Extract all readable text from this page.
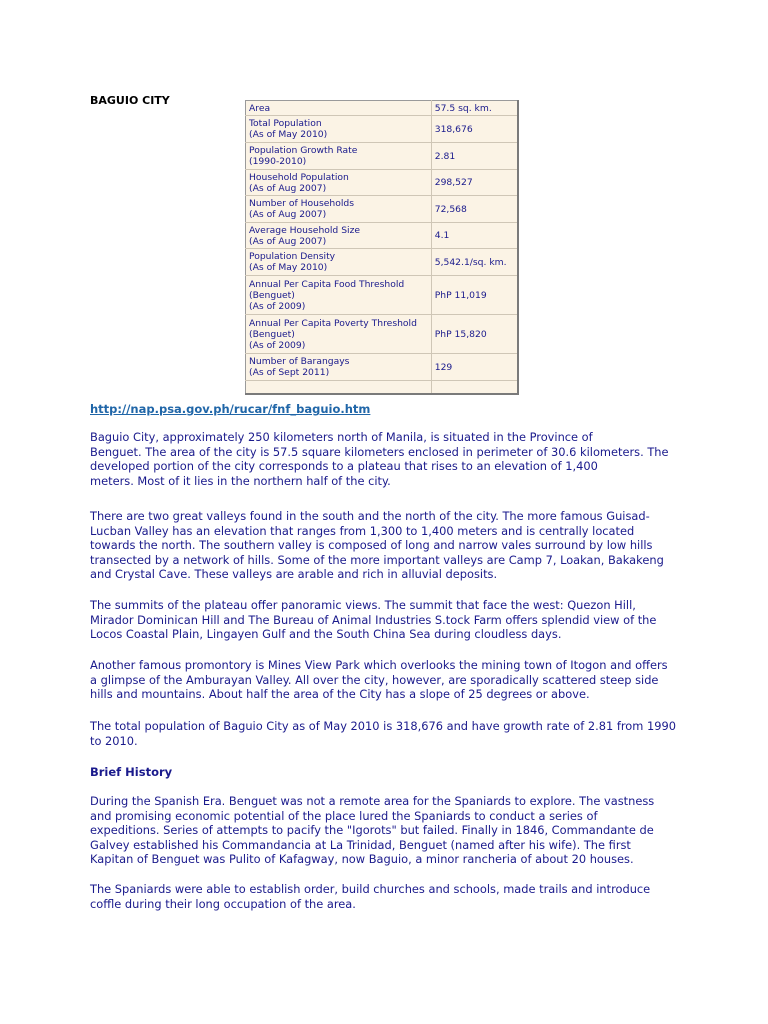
BAGUIO CITY
Area	57.5 sq. km.
Total Population
(As of May 2010)	318,676
Population Growth Rate
(1990-2010)	2.81
Household Population
(As of Aug 2007)	298,527
Number of Households
(As of Aug 2007)	72,568
Average Household Size
(As of Aug 2007)	4.1
Population Density
(As of May 2010)	5,542.1/sq. km.
Annual Per Capita Food Threshold
(Benguet)
(As of 2009)	PhP 11,019
Annual Per Capita Poverty Threshold
(Benguet)
(As of 2009)	PhP 15,820
Number of Barangays
(As of Sept 2011)	129

http://nap.psa.gov.ph/rucar/fnf_baguio.htm

Baguio City, approximately 250 kilometers north of Manila, is situated in the Province of
Benguet. The area of the city is 57.5 square kilometers enclosed in perimeter of 30.6 kilometers. The
developed portion of the city corresponds to a plateau that rises to an elevation of 1,400
meters. Most of it lies in the northern half of the city.

There are two great valleys found in the south and the north of the city. The more famous Guisad-
Lucban Valley has an elevation that ranges from 1,300 to 1,400 meters and is centrally located
towards the north. The southern valley is composed of long and narrow vales surround by low hills
transected by a network of hills. Some of the more important valleys are Camp 7, Loakan, Bakakeng
and Crystal Cave. These valleys are arable and rich in alluvial deposits.

The summits of the plateau offer panoramic views. The summit that face the west: Quezon Hill,
Mirador Dominican Hill and The Bureau of Animal Industries S.tock Farm offers splendid view of the
Locos Coastal Plain, Lingayen Gulf and the South China Sea during cloudless days.

Another famous promontory is Mines View Park which overlooks the mining town of Itogon and offers
a glimpse of the Amburayan Valley. All over the city, however, are sporadically scattered steep side
hills and mountains. About half the area of the City has a slope of 25 degrees or above.

The total population of Baguio City as of May 2010 is 318,676 and have growth rate of 2.81 from 1990
to 2010.

Brief History

During the Spanish Era. Benguet was not a remote area for the Spaniards to explore. The vastness
and promising economic potential of the place lured the Spaniards to conduct a series of
expeditions. Series of attempts to pacify the "Igorots" but failed. Finally in 1846, Commandante de
Galvey established his Commandancia at La Trinidad, Benguet (named after his wife). The first
Kapitan of Benguet was Pulito of Kafagway, now Baguio, a minor rancheria of about 20 houses.

The Spaniards were able to establish order, build churches and schools, made trails and introduce
coffle during their long occupation of the area.
